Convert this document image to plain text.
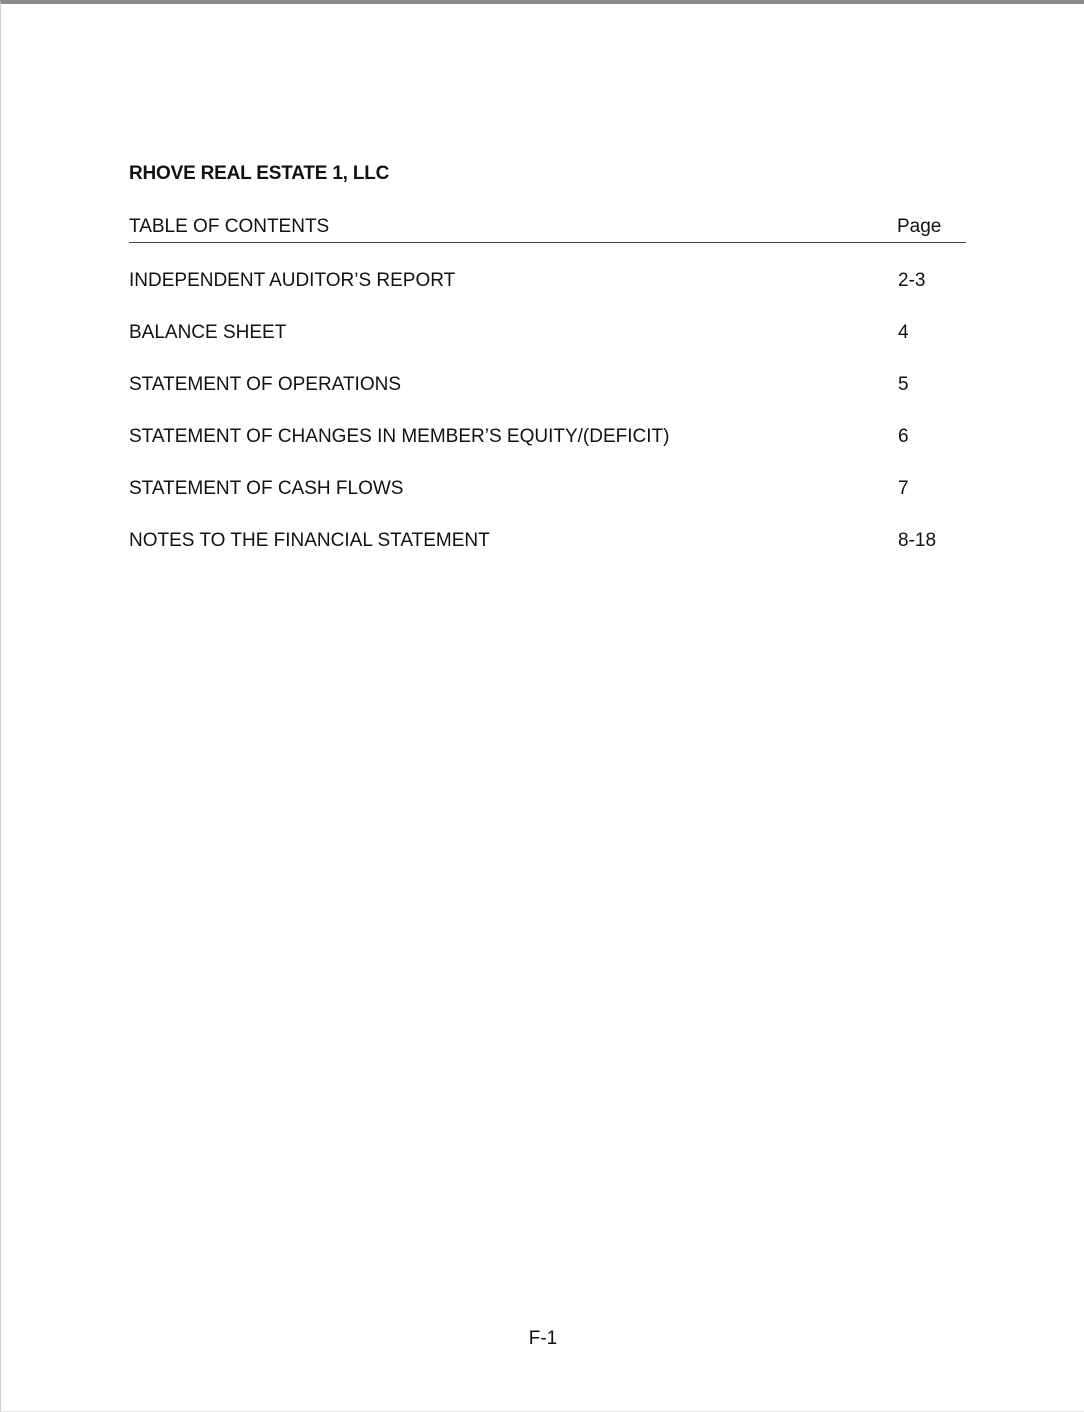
RHOVE REAL ESTATE 1, LLC
TABLE OF CONTENTS	Page
INDEPENDENT AUDITOR’S REPORT	2-3
BALANCE SHEET	4
STATEMENT OF OPERATIONS	5
STATEMENT OF CHANGES IN MEMBER’S EQUITY/(DEFICIT)	6
STATEMENT OF CASH FLOWS	7
NOTES TO THE FINANCIAL STATEMENT	8-18
F-1
